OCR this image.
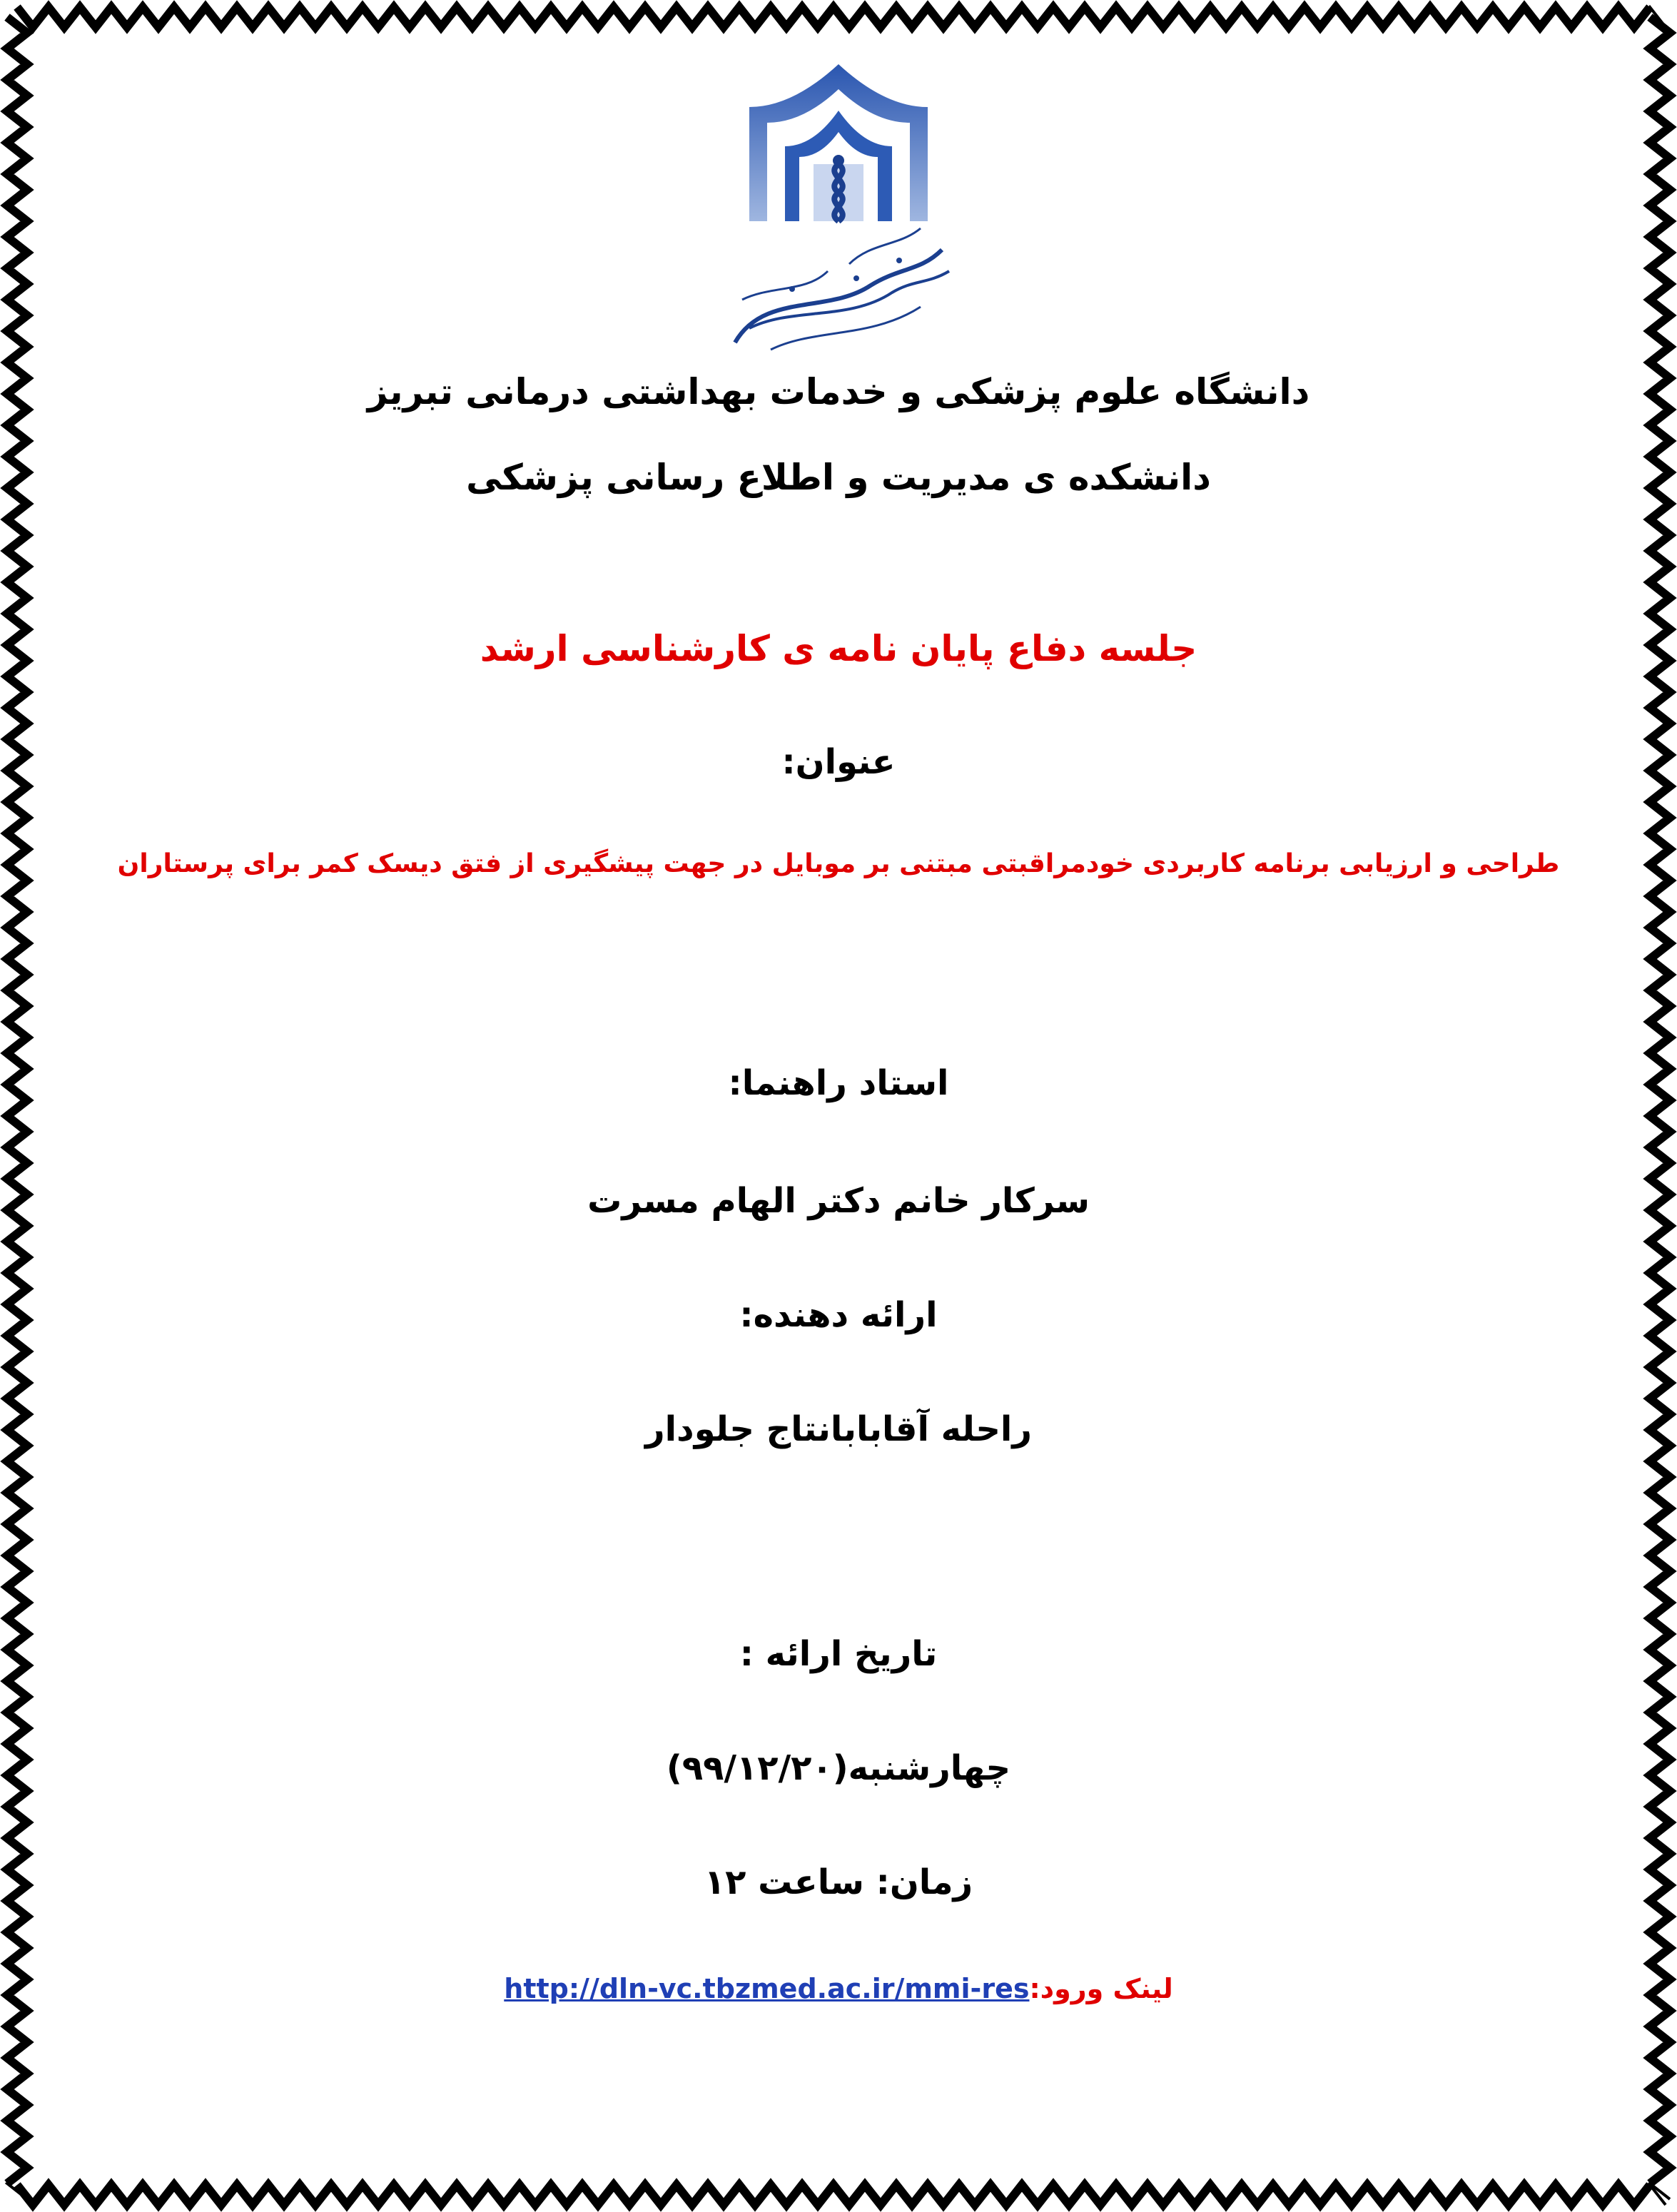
دانشگاه علوم پزشکی و خدمات بهداشتی درمانی تبریز
دانشکده ی مدیریت و اطلاع رسانی پزشکی
جلسه دفاع پایان نامه ی کارشناسی ارشد
عنوان:
طراحی و ارزیابی برنامه کاربردی خودمراقبتی مبتنی بر موبایل در جهت پیشگیری از فتق دیسک کمر برای پرستاران
استاد راهنما:
سرکار خانم دکتر الهام مسرت
ارائه دهنده:
راحله آقابابانتاج جلودار
تاریخ ارائه :
چهارشنبه(۹۹/۱۲/۲۰)
زمان: ساعت ۱۲
لینک ورود:http://dln-vc.tbzmed.ac.ir/mmi-res
